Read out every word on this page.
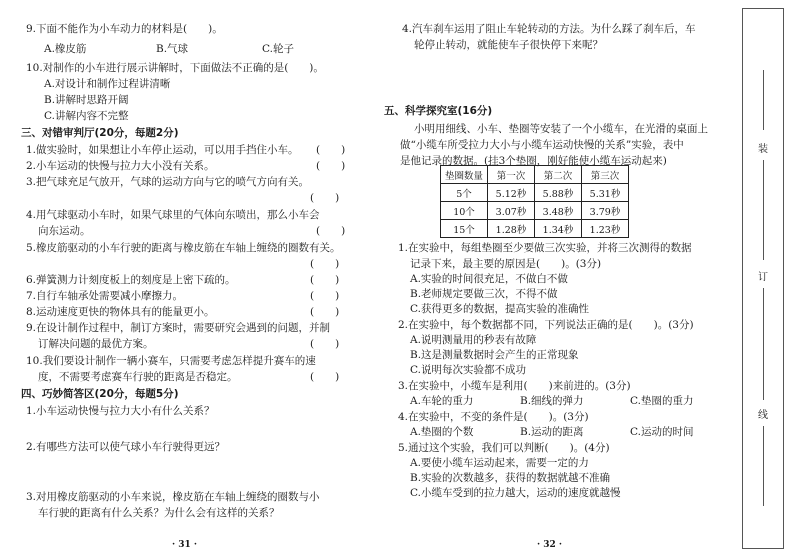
9.下面不能作为小车动力的材料是(　　)。
A.橡皮筋	B.气球	C.轮子
10.对制作的小车进行展示讲解时，下面做法不正确的是(　　)。
A.对设计和制作过程讲清晰
B.讲解时思路开阔
C.讲解内容不完整
三、对错审判厅(20分，每题2分)
1.做实验时，如果想让小车停止运动，可以用手挡住小车。 (　　)
2.小车运动的快慢与拉力大小没有关系。	(　　)
3.把气球充足气放开，气球的运动方向与它的喷气方向有关。
(　　)
4.用气球驱动小车时，如果气球里的气体向东喷出，那么小车会
向东运动。	(　　)
5.橡皮筋驱动的小车行驶的距离与橡皮筋在车轴上缠绕的圈数有关。
(　　)
6.弹簧测力计刻度板上的刻度是上密下疏的。	(　　)
7.自行车轴承处需要减小摩擦力。	(　　)
8.运动速度更快的物体具有的能量更小。	(　　)
9.在设计制作过程中，制订方案时，需要研究会遇到的问题，并制
订解决问题的最优方案。	(　　)
10.我们要设计制作一辆小赛车，只需要考虑怎样提升赛车的速
度，不需要考虑赛车行驶的距离是否稳定。	(　　)
四、巧妙简答区(20分，每题5分)
1.小车运动快慢与拉力大小有什么关系？
2.有哪些方法可以使气球小车行驶得更远？
3.对用橡皮筋驱动的小车来说，橡皮筋在车轴上缠绕的圈数与小
车行驶的距离有什么关系？为什么会有这样的关系？
· 31 ·
4.汽车刹车运用了阻止车轮转动的方法。为什么踩了刹车后，车
轮停止转动，就能使车子很快停下来呢？
五、科学探究室(16分)
小明用细线、小车、垫圈等安装了一个小缆车，在光滑的桌面上
做“小缆车所受拉力大小与小缆车运动快慢的关系”实验，表中
是他记录的数据。(挂3个垫圈，刚好能使小缆车运动起来)
垫圈数量	第一次	第二次	第三次
5个	5.12秒	5.88秒	5.31秒
10个	3.07秒	3.48秒	3.79秒
15个	1.28秒	1.34秒	1.23秒
1.在实验中，每组垫圈至少要做三次实验，并将三次测得的数据
记录下来，最主要的原因是(　　)。(3分)
A.实验的时间很充足，不做白不做
B.老师规定要做三次，不得不做
C.获得更多的数据，提高实验的准确性
2.在实验中，每个数据都不同，下列说法正确的是(　　)。(3分)
A.说明测量用的秒表有故障
B.这是测量数据时会产生的正常现象
C.说明每次实验都不成功
3.在实验中，小缆车是利用(　　)来前进的。(3分)
A.车轮的重力	B.细线的弹力	C.垫圈的重力
4.在实验中，不变的条件是(　　)。(3分)
A.垫圈的个数	B.运动的距离	C.运动的时间
5.通过这个实验，我们可以判断(　　)。(4分)
A.要使小缆车运动起来，需要一定的力
B.实验的次数越多，获得的数据就越不准确
C.小缆车受到的拉力越大，运动的速度就越慢
· 32 ·
装
订
线
